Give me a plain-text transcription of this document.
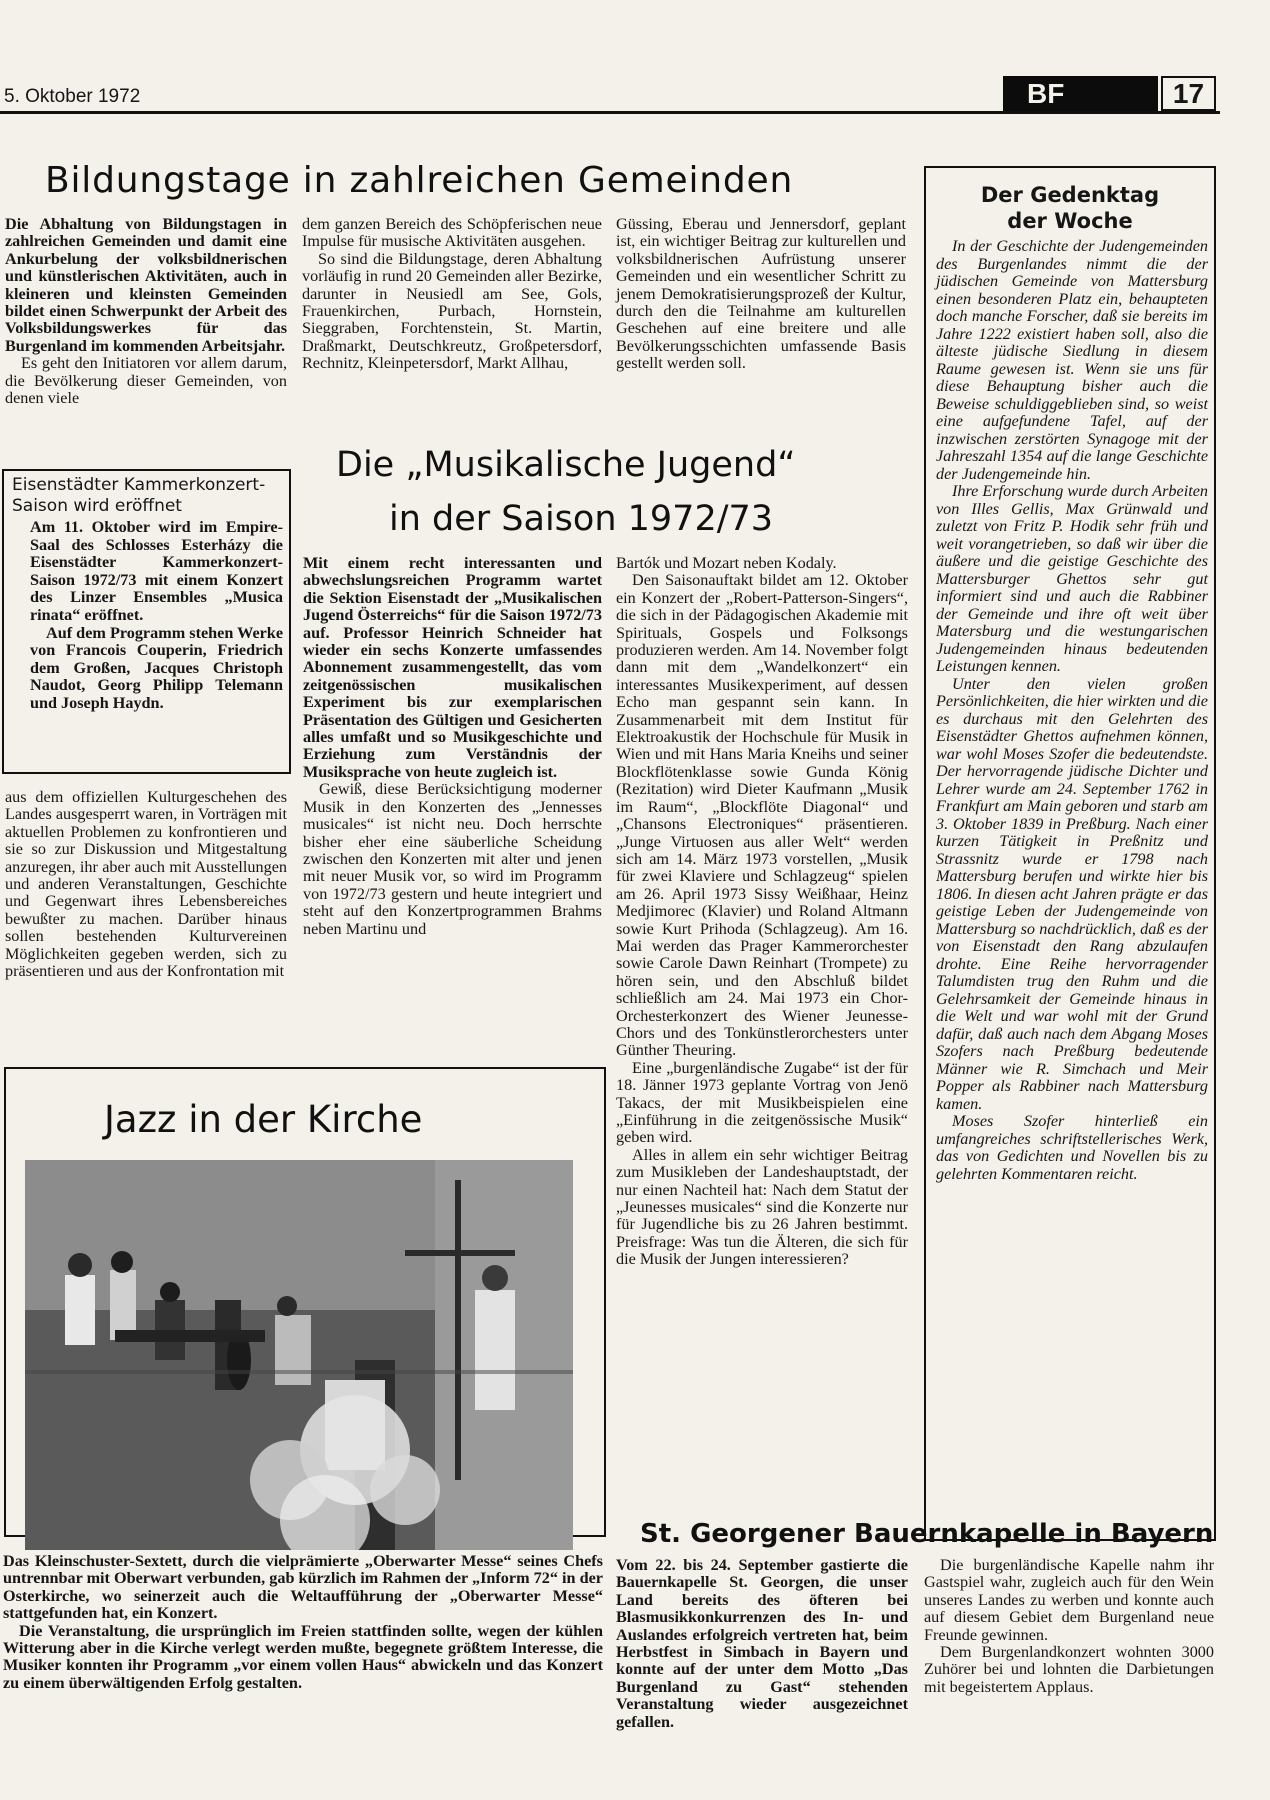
5. Oktober 1972	BF	17
Bildungstage in zahlreichen Gemeinden

Die Abhaltung von Bildungstagen in zahlreichen Gemeinden und damit eine Ankurbelung der volksbildnerischen und künstlerischen Aktivitäten, auch in kleineren und kleinsten Gemeinden bildet einen Schwerpunkt der Arbeit des Volksbildungswerkes für das Burgenland im kommenden Arbeitsjahr.

Es geht den Initiatoren vor allem darum, die Bevölkerung dieser Gemeinden, von denen viele

Eisenstädter Kammerkonzert-
Saison wird eröffnet

Am 11. Oktober wird im Empire-Saal des Schlosses Esterházy die Eisenstädter Kammerkonzert-Saison 1972/73 mit einem Konzert des Linzer Ensembles „Musica rinata“ eröffnet.

Auf dem Programm stehen Werke von Francois Couperin, Friedrich dem Großen, Jacques Christoph Naudot, Georg Philipp Telemann und Joseph Haydn.

aus dem offiziellen Kulturgeschehen des Landes ausgesperrt waren, in Vorträgen mit aktuellen Problemen zu konfrontieren und sie so zur Diskussion und Mitgestaltung anzuregen, ihr aber auch mit Ausstellungen und anderen Veranstaltungen, Geschichte und Gegenwart ihres Lebensbereiches bewußter zu machen. Darüber hinaus sollen bestehenden Kulturvereinen Möglichkeiten gegeben werden, sich zu präsentieren und aus der Konfrontation mit

dem ganzen Bereich des Schöpferischen neue Impulse für musische Aktivitäten ausgehen.

So sind die Bildungstage, deren Abhaltung vorläufig in rund 20 Gemeinden aller Bezirke, darunter in Neusiedl am See, Gols, Frauenkirchen, Purbach, Hornstein, Sieggraben, Forchtenstein, St. Martin, Draßmarkt, Deutschkreutz, Großpetersdorf, Rechnitz, Kleinpetersdorf, Markt Allhau,

Güssing, Eberau und Jennersdorf, geplant ist, ein wichtiger Beitrag zur kulturellen und volksbildnerischen Aufrüstung unserer Gemeinden und ein wesentlicher Schritt zu jenem Demokratisierungsprozeß der Kultur, durch den die Teilnahme am kulturellen Geschehen auf eine breitere und alle Bevölkerungsschichten umfassende Basis gestellt werden soll.

Die „Musikalische Jugend“
in der Saison 1972/73

Mit einem recht interessanten und abwechslungsreichen Programm wartet die Sektion Eisenstadt der „Musikalischen Jugend Österreichs“ für die Saison 1972/73 auf. Professor Heinrich Schneider hat wieder ein sechs Konzerte umfassendes Abonnement zusammengestellt, das vom zeitgenössischen musikalischen Experiment bis zur exemplarischen Präsentation des Gültigen und Gesicherten alles umfaßt und so Musikgeschichte und Erziehung zum Verständnis der Musiksprache von heute zugleich ist.

Gewiß, diese Berücksichtigung moderner Musik in den Konzerten des „Jennesses musicales“ ist nicht neu. Doch herrschte bisher eher eine säuberliche Scheidung zwischen den Konzerten mit alter und jenen mit neuer Musik vor, so wird im Programm von 1972/73 gestern und heute integriert und steht auf den Konzertprogrammen Brahms neben Martinu und

Bartók und Mozart neben Kodaly.

Den Saisonauftakt bildet am 12. Oktober ein Konzert der „Robert-Patterson-Singers“, die sich in der Pädagogischen Akademie mit Spirituals, Gospels und Folksongs produzieren werden. Am 14. November folgt dann mit dem „Wandelkonzert“ ein interessantes Musikexperiment, auf dessen Echo man gespannt sein kann. In Zusammenarbeit mit dem Institut für Elektroakustik der Hochschule für Musik in Wien und mit Hans Maria Kneihs und seiner Blockflötenklasse sowie Gunda König (Rezitation) wird Dieter Kaufmann „Musik im Raum“, „Blockflöte Diagonal“ und „Chansons Electroniques“ präsentieren. „Junge Virtuosen aus aller Welt“ werden sich am 14. März 1973 vorstellen, „Musik für zwei Klaviere und Schlagzeug“ spielen am 26. April 1973 Sissy Weißhaar, Heinz Medjimorec (Klavier) und Roland Altmann sowie Kurt Prihoda (Schlagzeug). Am 16. Mai werden das Prager Kammerorchester sowie Carole Dawn Reinhart (Trompete) zu hören sein, und den Abschluß bildet schließlich am 24. Mai 1973 ein Chor-Orchesterkonzert des Wiener Jeunesse-Chors und des Tonkünstlerorchesters unter Günther Theuring.

Eine „burgenländische Zugabe“ ist der für 18. Jänner 1973 geplante Vortrag von Jenö Takacs, der mit Musikbeispielen eine „Einführung in die zeitgenössische Musik“ geben wird.

Alles in allem ein sehr wichtiger Beitrag zum Musikleben der Landeshauptstadt, der nur einen Nachteil hat: Nach dem Statut der „Jeunesses musicales“ sind die Konzerte nur für Jugendliche bis zu 26 Jahren bestimmt. Preisfrage: Was tun die Älteren, die sich für die Musik der Jungen interessieren?

Jazz in der Kirche

Das Kleinschuster-Sextett, durch die vielprämierte „Oberwarter Messe“ seines Chefs untrennbar mit Oberwart verbunden, gab kürzlich im Rahmen der „Inform 72“ in der Osterkirche, wo seinerzeit auch die Weltaufführung der „Oberwarter Messe“ stattgefunden hat, ein Konzert.

Die Veranstaltung, die ursprünglich im Freien stattfinden sollte, wegen der kühlen Witterung aber in die Kirche verlegt werden mußte, begegnete größtem Interesse, die Musiker konnten ihr Programm „vor einem vollen Haus“ abwickeln und das Konzert zu einem überwältigenden Erfolg gestalten.

Der Gedenktag
der Woche

In der Geschichte der Judengemeinden des Burgenlandes nimmt die der jüdischen Gemeinde von Mattersburg einen besonderen Platz ein, behaupteten doch manche Forscher, daß sie bereits im Jahre 1222 existiert haben soll, also die älteste jüdische Siedlung in diesem Raume gewesen ist. Wenn sie uns für diese Behauptung bisher auch die Beweise schuldiggeblieben sind, so weist eine aufgefundene Tafel, auf der inzwischen zerstörten Synagoge mit der Jahreszahl 1354 auf die lange Geschichte der Judengemeinde hin.

Ihre Erforschung wurde durch Arbeiten von Illes Gellis, Max Grünwald und zuletzt von Fritz P. Hodik sehr früh und weit vorangetrieben, so daß wir über die äußere und die geistige Geschichte des Mattersburger Ghettos sehr gut informiert sind und auch die Rabbiner der Gemeinde und ihre oft weit über Matersburg und die westungarischen Judengemeinden hinaus bedeutenden Leistungen kennen.

Unter den vielen großen Persönlichkeiten, die hier wirkten und die es durchaus mit den Gelehrten des Eisenstädter Ghettos aufnehmen können, war wohl Moses Szofer die bedeutendste. Der hervorragende jüdische Dichter und Lehrer wurde am 24. September 1762 in Frankfurt am Main geboren und starb am 3. Oktober 1839 in Preßburg. Nach einer kurzen Tätigkeit in Preßnitz und Strassnitz wurde er 1798 nach Mattersburg berufen und wirkte hier bis 1806. In diesen acht Jahren prägte er das geistige Leben der Judengemeinde von Mattersburg so nachdrücklich, daß es der von Eisenstadt den Rang abzulaufen drohte. Eine Reihe hervorragender Talumdisten trug den Ruhm und die Gelehrsamkeit der Gemeinde hinaus in die Welt und war wohl mit der Grund dafür, daß auch nach dem Abgang Moses Szofers nach Preßburg bedeutende Männer wie R. Simchach und Meir Popper als Rabbiner nach Mattersburg kamen.

Moses Szofer hinterließ ein umfangreiches schriftstellerisches Werk, das von Gedichten und Novellen bis zu gelehrten Kommentaren reicht.

St. Georgener Bauernkapelle in Bayern

Vom 22. bis 24. September gastierte die Bauernkapelle St. Georgen, die unser Land bereits des öfteren bei Blasmusikkonkurrenzen des In- und Auslandes erfolgreich vertreten hat, beim Herbstfest in Simbach in Bayern und konnte auf der unter dem Motto „Das Burgenland zu Gast“ stehenden Veranstaltung wieder ausgezeichnet gefallen.

Die burgenländische Kapelle nahm ihr Gastspiel wahr, zugleich auch für den Wein unseres Landes zu werben und konnte auch auf diesem Gebiet dem Burgenland neue Freunde gewinnen.

Dem Burgenlandkonzert wohnten 3000 Zuhörer bei und lohnten die Darbietungen mit begeistertem Applaus.
